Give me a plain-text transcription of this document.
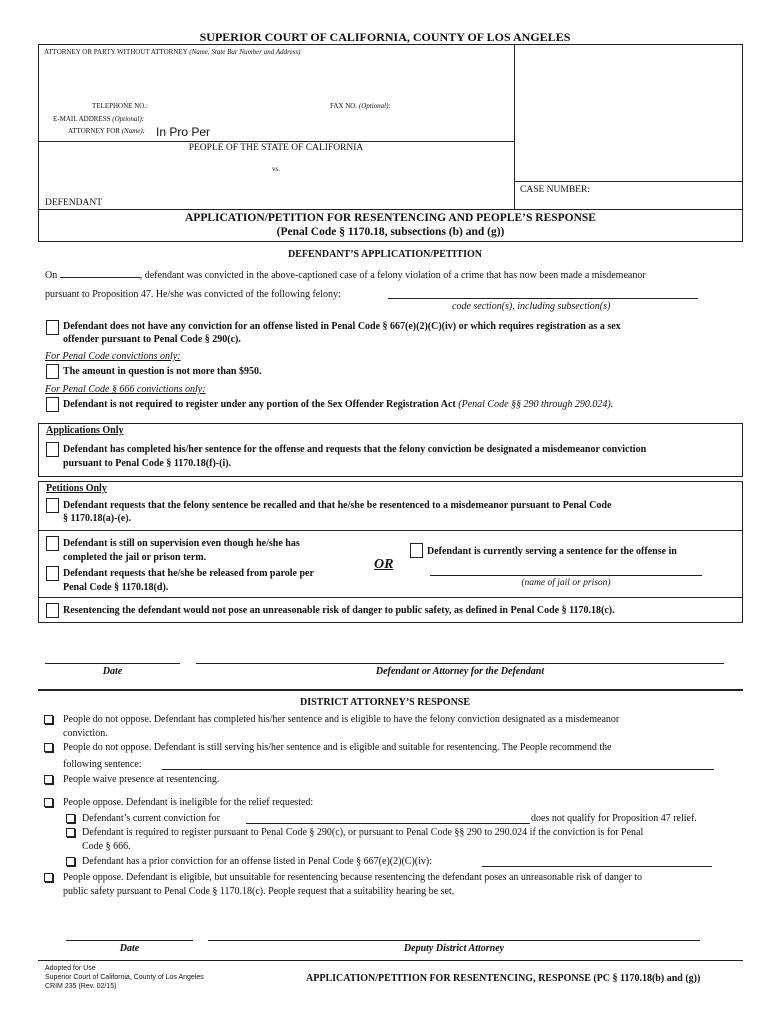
SUPERIOR COURT OF CALIFORNIA, COUNTY OF LOS ANGELES
ATTORNEY OR PARTY WITHOUT ATTORNEY (Name, State Bar Number and Address)
TELEPHONE NO.:	FAX NO. (Optional):
E-MAIL ADDRESS (Optional):
ATTORNEY FOR (Name): In Pro Per
PEOPLE OF THE STATE OF CALIFORNIA
vs.
DEFENDANT
CASE NUMBER:
APPLICATION/PETITION FOR RESENTENCING AND PEOPLE’S RESPONSE
(Penal Code § 1170.18, subsections (b) and (g))
DEFENDANT’S APPLICATION/PETITION
On	, defendant was convicted in the above-captioned case of a felony violation of a crime that has now been made a misdemeanor
pursuant to Proposition 47. He/she was convicted of the following felony:
code section(s), including subsection(s)
Defendant does not have any conviction for an offense listed in Penal Code § 667(e)(2)(C)(iv) or which requires registration as a sex
offender pursuant to Penal Code § 290(c).
For Penal Code convictions only:
The amount in question is not more than $950.
For Penal Code § 666 convictions only:
Defendant is not required to register under any portion of the Sex Offender Registration Act (Penal Code §§ 290 through 290.024).
Applications Only
Defendant has completed his/her sentence for the offense and requests that the felony conviction be designated a misdemeanor conviction
pursuant to Penal Code § 1170.18(f)-(i).
Petitions Only
Defendant requests that the felony sentence be recalled and that he/she be resentenced to a misdemeanor pursuant to Penal Code
§ 1170.18(a)-(e).
Defendant is still on supervision even though he/she has
completed the jail or prison term.
Defendant requests that he/she be released from parole per
Penal Code § 1170.18(d).
OR
Defendant is currently serving a sentence for the offense in
(name of jail or prison)
Resentencing the defendant would not pose an unreasonable risk of danger to public safety, as defined in Penal Code § 1170.18(c).
Date	Defendant or Attorney for the Defendant
DISTRICT ATTORNEY’S RESPONSE
People do not oppose. Defendant has completed his/her sentence and is eligible to have the felony conviction designated as a misdemeanor
conviction.
People do not oppose. Defendant is still serving his/her sentence and is eligible and suitable for resentencing. The People recommend the
following sentence:
People waive presence at resentencing.
People oppose. Defendant is ineligible for the relief requested:
Defendant’s current conviction for	does not qualify for Proposition 47 relief.
Defendant is required to register pursuant to Penal Code § 290(c), or pursuant to Penal Code §§ 290 to 290.024 if the conviction is for Penal
Code § 666.
Defendant has a prior conviction for an offense listed in Penal Code § 667(e)(2)(C)(iv):
People oppose. Defendant is eligible, but unsuitable for resentencing because resentencing the defendant poses an unreasonable risk of danger to
public safety pursuant to Penal Code § 1170.18(c). People request that a suitability hearing be set.
Date	Deputy District Attorney
Adopted for Use
Superior Court of California, County of Los Angeles
CRIM 235 (Rev. 02/15)
APPLICATION/PETITION FOR RESENTENCING, RESPONSE (PC § 1170.18(b) and (g))
